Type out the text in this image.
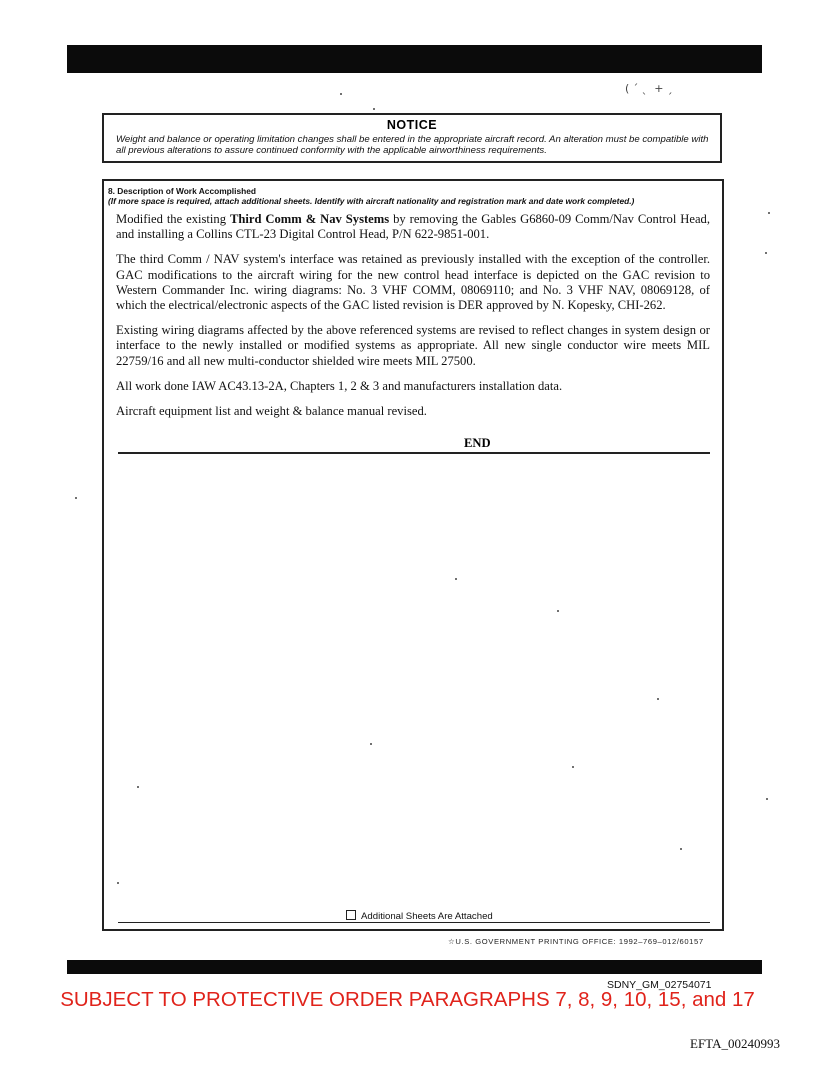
( ˊ ˎ  + ˏ
NOTICE
Weight and balance or operating limitation changes shall be entered in the appropriate aircraft record. An alteration must be compatible with all previous alterations to assure continued conformity with the applicable airworthiness requirements.
8. Description of Work Accomplished
(If more space is required, attach additional sheets. Identify with aircraft nationality and registration mark and date work completed.)

Modified the existing Third Comm & Nav Systems by removing the Gables G6860-09 Comm/Nav Control Head, and installing a Collins CTL-23 Digital Control Head, P/N 622-9851-001.

The third Comm / NAV system's interface was retained as previously installed with the exception of the controller. GAC modifications to the aircraft wiring for the new control head interface is depicted on the GAC revision to Western Commander Inc. wiring diagrams: No. 3 VHF COMM, 08069110; and No. 3 VHF NAV, 08069128, of which the electrical/electronic aspects of the GAC listed revision is DER approved by N. Kopesky, CHI-262.

Existing wiring diagrams affected by the above referenced systems are revised to reflect changes in system design or interface to the newly installed or modified systems as appropriate. All new single conductor wire meets MIL 22759/16 and all new multi-conductor shielded wire meets MIL 27500.

All work done IAW AC43.13-2A, Chapters 1, 2 & 3 and manufacturers installation data.

Aircraft equipment list and weight & balance manual revised.

END
Additional Sheets Are Attached
☆U.S. GOVERNMENT PRINTING OFFICE: 1992–769–012/60157
SDNY_GM_02754071
SUBJECT TO PROTECTIVE ORDER PARAGRAPHS 7, 8, 9, 10, 15, and 17
EFTA_00240993
